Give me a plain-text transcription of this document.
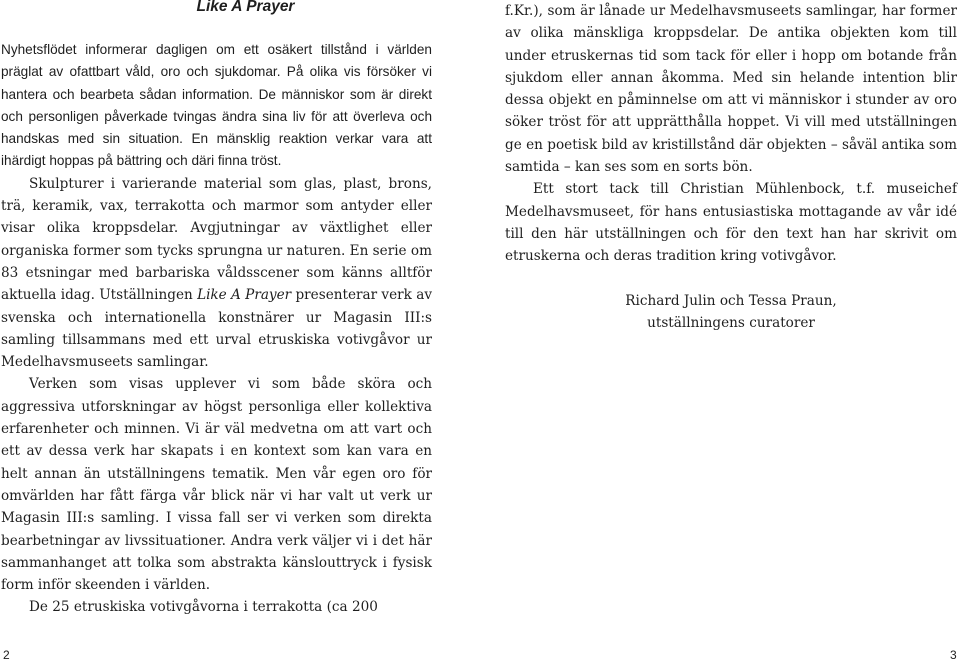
Like A Prayer

Nyhetsflödet informerar dagligen om ett osäkert tillstånd i världen präglat av ofattbart våld, oro och sjukdomar. På olika vis försöker vi hantera och bearbeta sådan information. De människor som är direkt och personligen påverkade tvingas ändra sina liv för att överleva och handskas med sin situation. En mänsklig reaktion verkar vara att ihärdigt hoppas på bättring och däri finna tröst.

Skulpturer i varierande material som glas, plast, brons, trä, keramik, vax, terrakotta och marmor som antyder eller visar olika kroppsdelar. Avgjutningar av växtlighet eller organiska former som tycks sprungna ur naturen. En serie om 83 etsningar med barbariska våldsscener som känns alltför aktuella idag. Utställningen Like A Prayer presenterar verk av svenska och internationella konstnärer ur Magasin III:s samling tillsammans med ett urval etruskiska votivgåvor ur Medelhavsmuseets samlingar.

Verken som visas upplever vi som både sköra och aggressiva utforskningar av högst personliga eller kollektiva erfarenheter och minnen. Vi är väl medvetna om att vart och ett av dessa verk har skapats i en kontext som kan vara en helt annan än utställningens tematik. Men vår egen oro för omvärlden har fått färga vår blick när vi har valt ut verk ur Magasin III:s samling. I vissa fall ser vi verken som direkta bearbetningar av livssituationer. Andra verk väljer vi i det här sammanhanget att tolka som abstrakta känslouttryck i fysisk form inför skeenden i världen.

De 25 etruskiska votivgåvorna i terrakotta (ca 200

f.Kr.), som är lånade ur Medelhavsmuseets samlingar, har former av olika mänskliga kroppsdelar. De antika objekten kom till under etruskernas tid som tack för eller i hopp om botande från sjukdom eller annan åkomma. Med sin helande intention blir dessa objekt en påminnelse om att vi människor i stunder av oro söker tröst för att upprätthålla hoppet. Vi vill med utställningen ge en poetisk bild av kristillstånd där objekten – såväl antika som samtida – kan ses som en sorts bön.

Ett stort tack till Christian Mühlenbock, t.f. museichef Medelhavsmuseet, för hans entusiastiska mottagande av vår idé till den här utställningen och för den text han har skrivit om etruskerna och deras tradition kring votivgåvor.

Richard Julin och Tessa Praun,
utställningens curatorer

2	3
